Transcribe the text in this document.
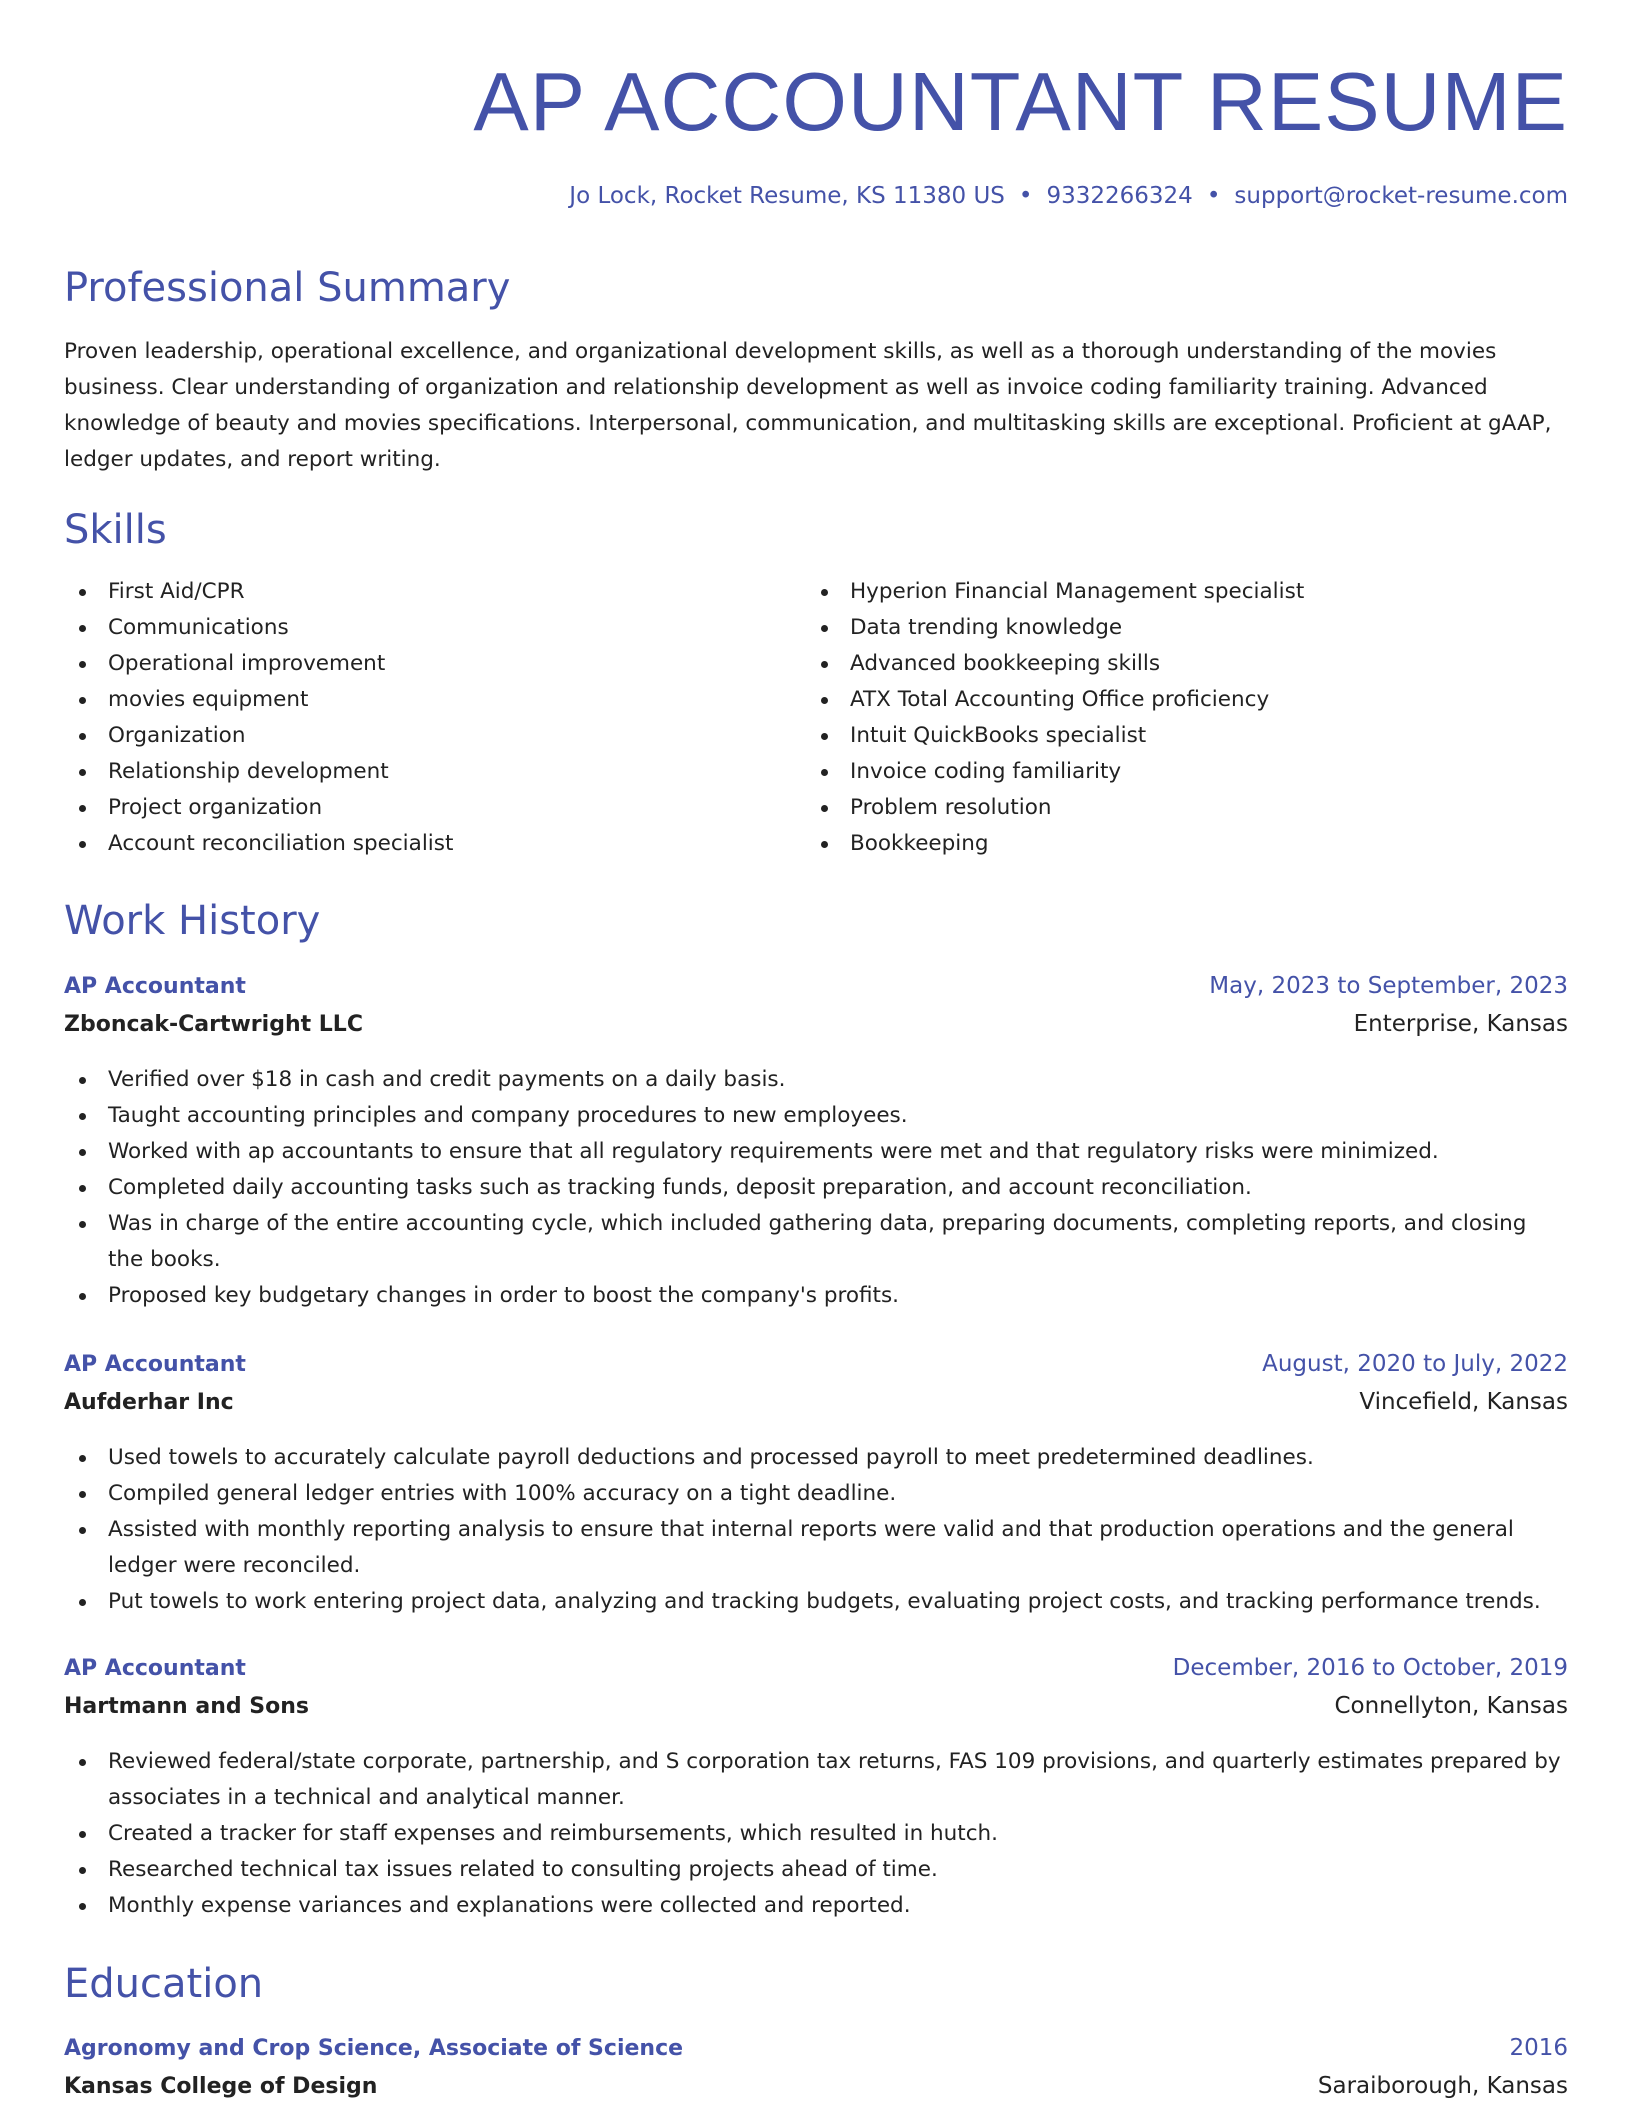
AP ACCOUNTANT RESUME
Jo Lock, Rocket Resume, KS 11380 US • 9332266324 • support@rocket-resume.com
Professional Summary

Proven leadership, operational excellence, and organizational development skills, as well as a thorough understanding of the movies business. Clear understanding of organization and relationship development as well as invoice coding familiarity training. Advanced knowledge of beauty and movies specifications. Interpersonal, communication, and multitasking skills are exceptional. Proficient at gAAP, ledger updates, and report writing.

Skills
First Aid/CPR
Communications
Operational improvement
movies equipment
Organization
Relationship development
Project organization
Account reconciliation specialist
Hyperion Financial Management specialist
Data trending knowledge
Advanced bookkeeping skills
ATX Total Accounting Office proficiency
Intuit QuickBooks specialist
Invoice coding familiarity
Problem resolution
Bookkeeping
Work History
AP Accountant	May, 2023 to September, 2023
Zboncak-Cartwright LLC	Enterprise, Kansas
Verified over $18 in cash and credit payments on a daily basis.
Taught accounting principles and company procedures to new employees.
Worked with ap accountants to ensure that all regulatory requirements were met and that regulatory risks were minimized.
Completed daily accounting tasks such as tracking funds, deposit preparation, and account reconciliation.
Was in charge of the entire accounting cycle, which included gathering data, preparing documents, completing reports, and closing the books.
Proposed key budgetary changes in order to boost the company's profits.
AP Accountant	August, 2020 to July, 2022
Aufderhar Inc	Vincefield, Kansas
Used towels to accurately calculate payroll deductions and processed payroll to meet predetermined deadlines.
Compiled general ledger entries with 100% accuracy on a tight deadline.
Assisted with monthly reporting analysis to ensure that internal reports were valid and that production operations and the general ledger were reconciled.
Put towels to work entering project data, analyzing and tracking budgets, evaluating project costs, and tracking performance trends.
AP Accountant	December, 2016 to October, 2019
Hartmann and Sons	Connellyton, Kansas
Reviewed federal/state corporate, partnership, and S corporation tax returns, FAS 109 provisions, and quarterly estimates prepared by associates in a technical and analytical manner.
Created a tracker for staff expenses and reimbursements, which resulted in hutch.
Researched technical tax issues related to consulting projects ahead of time.
Monthly expense variances and explanations were collected and reported.
Education
Agronomy and Crop Science, Associate of Science	2016
Kansas College of Design	Saraiborough, Kansas
